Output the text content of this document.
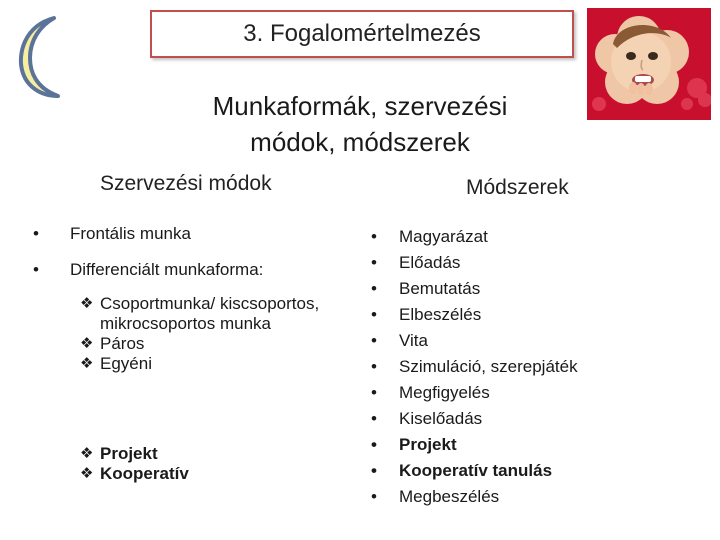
3. Fogalomértelmezés
Munkaformák, szervezési
módok, módszerek
Szervezési módok	Módszerek
• Frontális munka
• Differenciált munkaforma:
❖ Csoportmunka/ kiscsoportos, mikrocsoportos munka
❖ Páros
❖ Egyéni
❖ Projekt
❖ Kooperatív
• Magyarázat
• Előadás
• Bemutatás
• Elbeszélés
• Vita
• Szimuláció, szerepjáték
• Megfigyelés
• Kiselőadás
• Projekt
• Kooperatív tanulás
• Megbeszélés
